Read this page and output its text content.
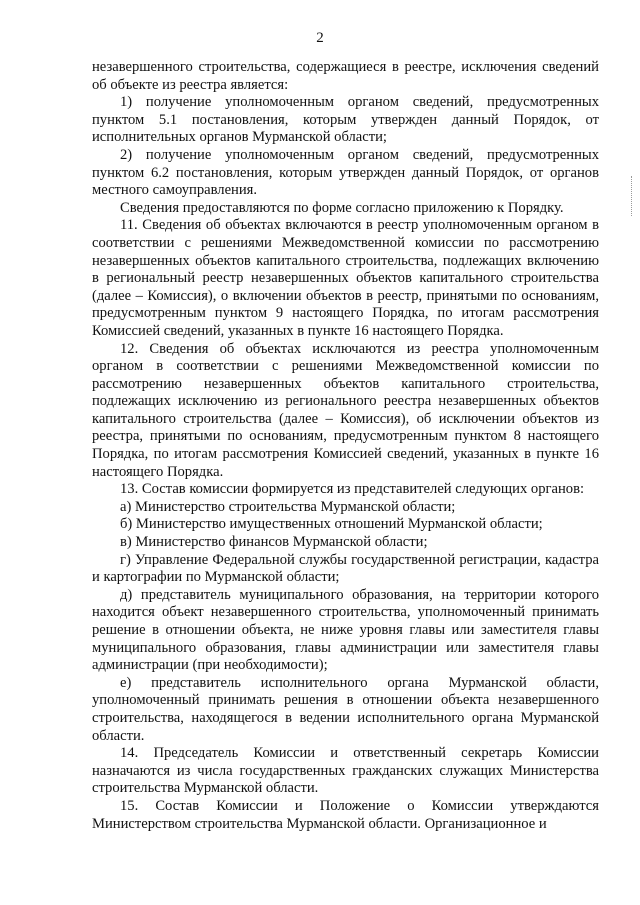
2

незавершенного строительства, содержащиеся в реестре, исключения сведений об объекте из реестра является:

1) получение уполномоченным органом сведений, предусмотренных пунктом 5.1 постановления, которым утвержден данный Порядок, от исполнительных органов Мурманской области;

2) получение уполномоченным органом сведений, предусмотренных пунктом 6.2 постановления, которым утвержден данный Порядок, от органов местного самоуправления.

Сведения предоставляются по форме согласно приложению к Порядку.

11. Сведения об объектах включаются в реестр уполномоченным органом в соответствии с решениями Межведомственной комиссии по рассмотрению незавершенных объектов капитального строительства, подлежащих включению в региональный реестр незавершенных объектов капитального строительства (далее – Комиссия), о включении объектов в реестр, принятыми по основаниям, предусмотренным пунктом 9 настоящего Порядка, по итогам рассмотрения Комиссией сведений, указанных в пункте 16 настоящего Порядка.

12. Сведения об объектах исключаются из реестра уполномоченным органом в соответствии с решениями Межведомственной комиссии по рассмотрению незавершенных объектов капитального строительства, подлежащих исключению из регионального реестра незавершенных объектов капитального строительства (далее – Комиссия), об исключении объектов из реестра, принятыми по основаниям, предусмотренным пунктом 8 настоящего Порядка, по итогам рассмотрения Комиссией сведений, указанных в пункте 16 настоящего Порядка.

13. Состав комиссии формируется из представителей следующих органов:

а) Министерство строительства Мурманской области;

б) Министерство имущественных отношений Мурманской области;

в) Министерство финансов Мурманской области;

г) Управление Федеральной службы государственной регистрации, кадастра и картографии по Мурманской области;

д) представитель муниципального образования, на территории которого находится объект незавершенного строительства, уполномоченный принимать решение в отношении объекта, не ниже уровня главы или заместителя главы муниципального образования, главы администрации или заместителя главы администрации (при необходимости);

е) представитель исполнительного органа Мурманской области, уполномоченный принимать решения в отношении объекта незавершенного строительства, находящегося в ведении исполнительного органа Мурманской области.

14. Председатель Комиссии и ответственный секретарь Комиссии назначаются из числа государственных гражданских служащих Министерства строительства Мурманской области.

15. Состав Комиссии и Положение о Комиссии утверждаются Министерством строительства Мурманской области. Организационное и
